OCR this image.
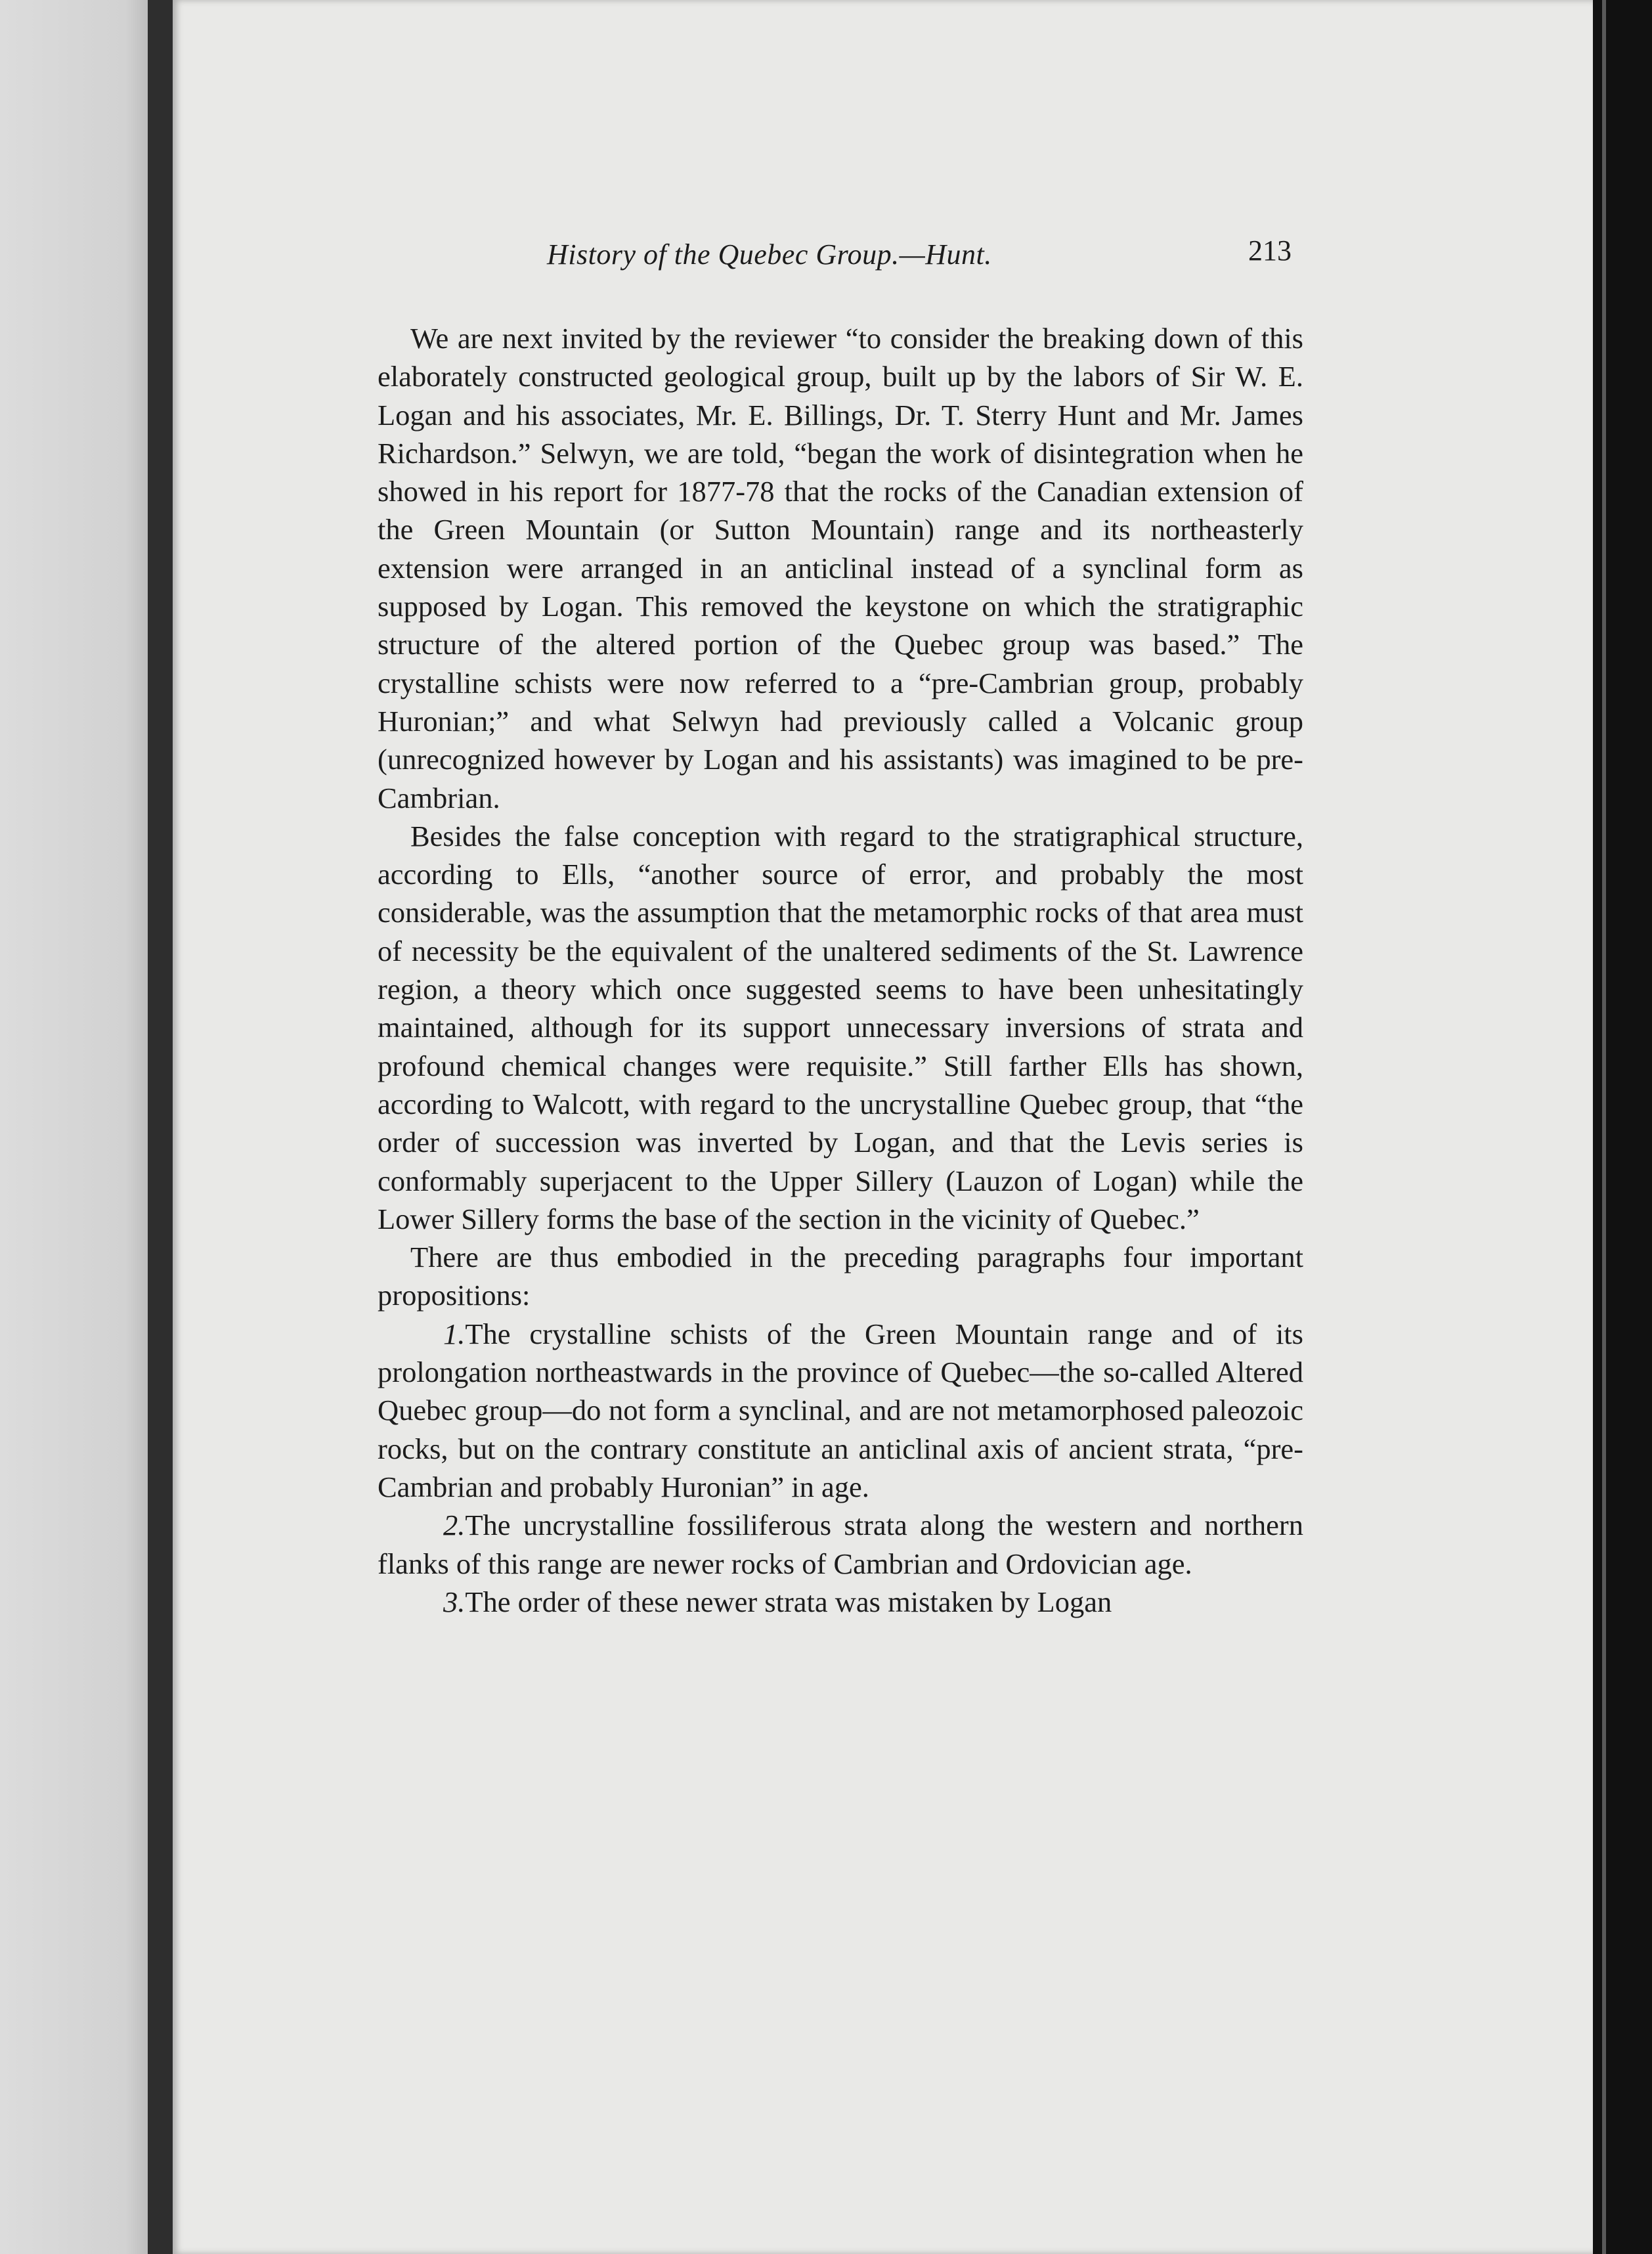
History of the Quebec Group.—Hunt.	213

We are next invited by the reviewer “to consider the breaking down of this elaborately constructed geological group, built up by the labors of Sir W. E. Logan and his associates, Mr. E. Billings, Dr. T. Sterry Hunt and Mr. James Richardson.” Selwyn, we are told, “began the work of disintegration when he showed in his report for 1877-78 that the rocks of the Canadian extension of the Green Mountain (or Sutton Mountain) range and its northeasterly extension were arranged in an anticlinal instead of a synclinal form as supposed by Logan. This removed the keystone on which the stratigraphic structure of the altered portion of the Quebec group was based.” The crystalline schists were now referred to a “pre-Cambrian group, probably Huronian;” and what Selwyn had previously called a Volcanic group (unrecognized however by Logan and his assistants) was imagined to be pre-Cambrian.

Besides the false conception with regard to the stratigraphical structure, according to Ells, “another source of error, and probably the most considerable, was the assumption that the metamorphic rocks of that area must of necessity be the equivalent of the unaltered sediments of the St. Lawrence region, a theory which once suggested seems to have been unhesitatingly maintained, although for its support unnecessary inversions of strata and profound chemical changes were requisite.” Still farther Ells has shown, according to Walcott, with regard to the uncrystalline Quebec group, that “the order of succession was inverted by Logan, and that the Levis series is conformably superjacent to the Upper Sillery (Lauzon of Logan) while the Lower Sillery forms the base of the section in the vicinity of Quebec.”

There are thus embodied in the preceding paragraphs four important propositions:

1.The crystalline schists of the Green Mountain range and of its prolongation northeastwards in the province of Quebec—the so-called Altered Quebec group—do not form a synclinal, and are not metamorphosed paleozoic rocks, but on the contrary constitute an anticlinal axis of ancient strata, “pre-Cambrian and probably Huronian” in age.

2.The uncrystalline fossiliferous strata along the western and northern flanks of this range are newer rocks of Cambrian and Ordovician age.

3.The order of these newer strata was mistaken by Logan
